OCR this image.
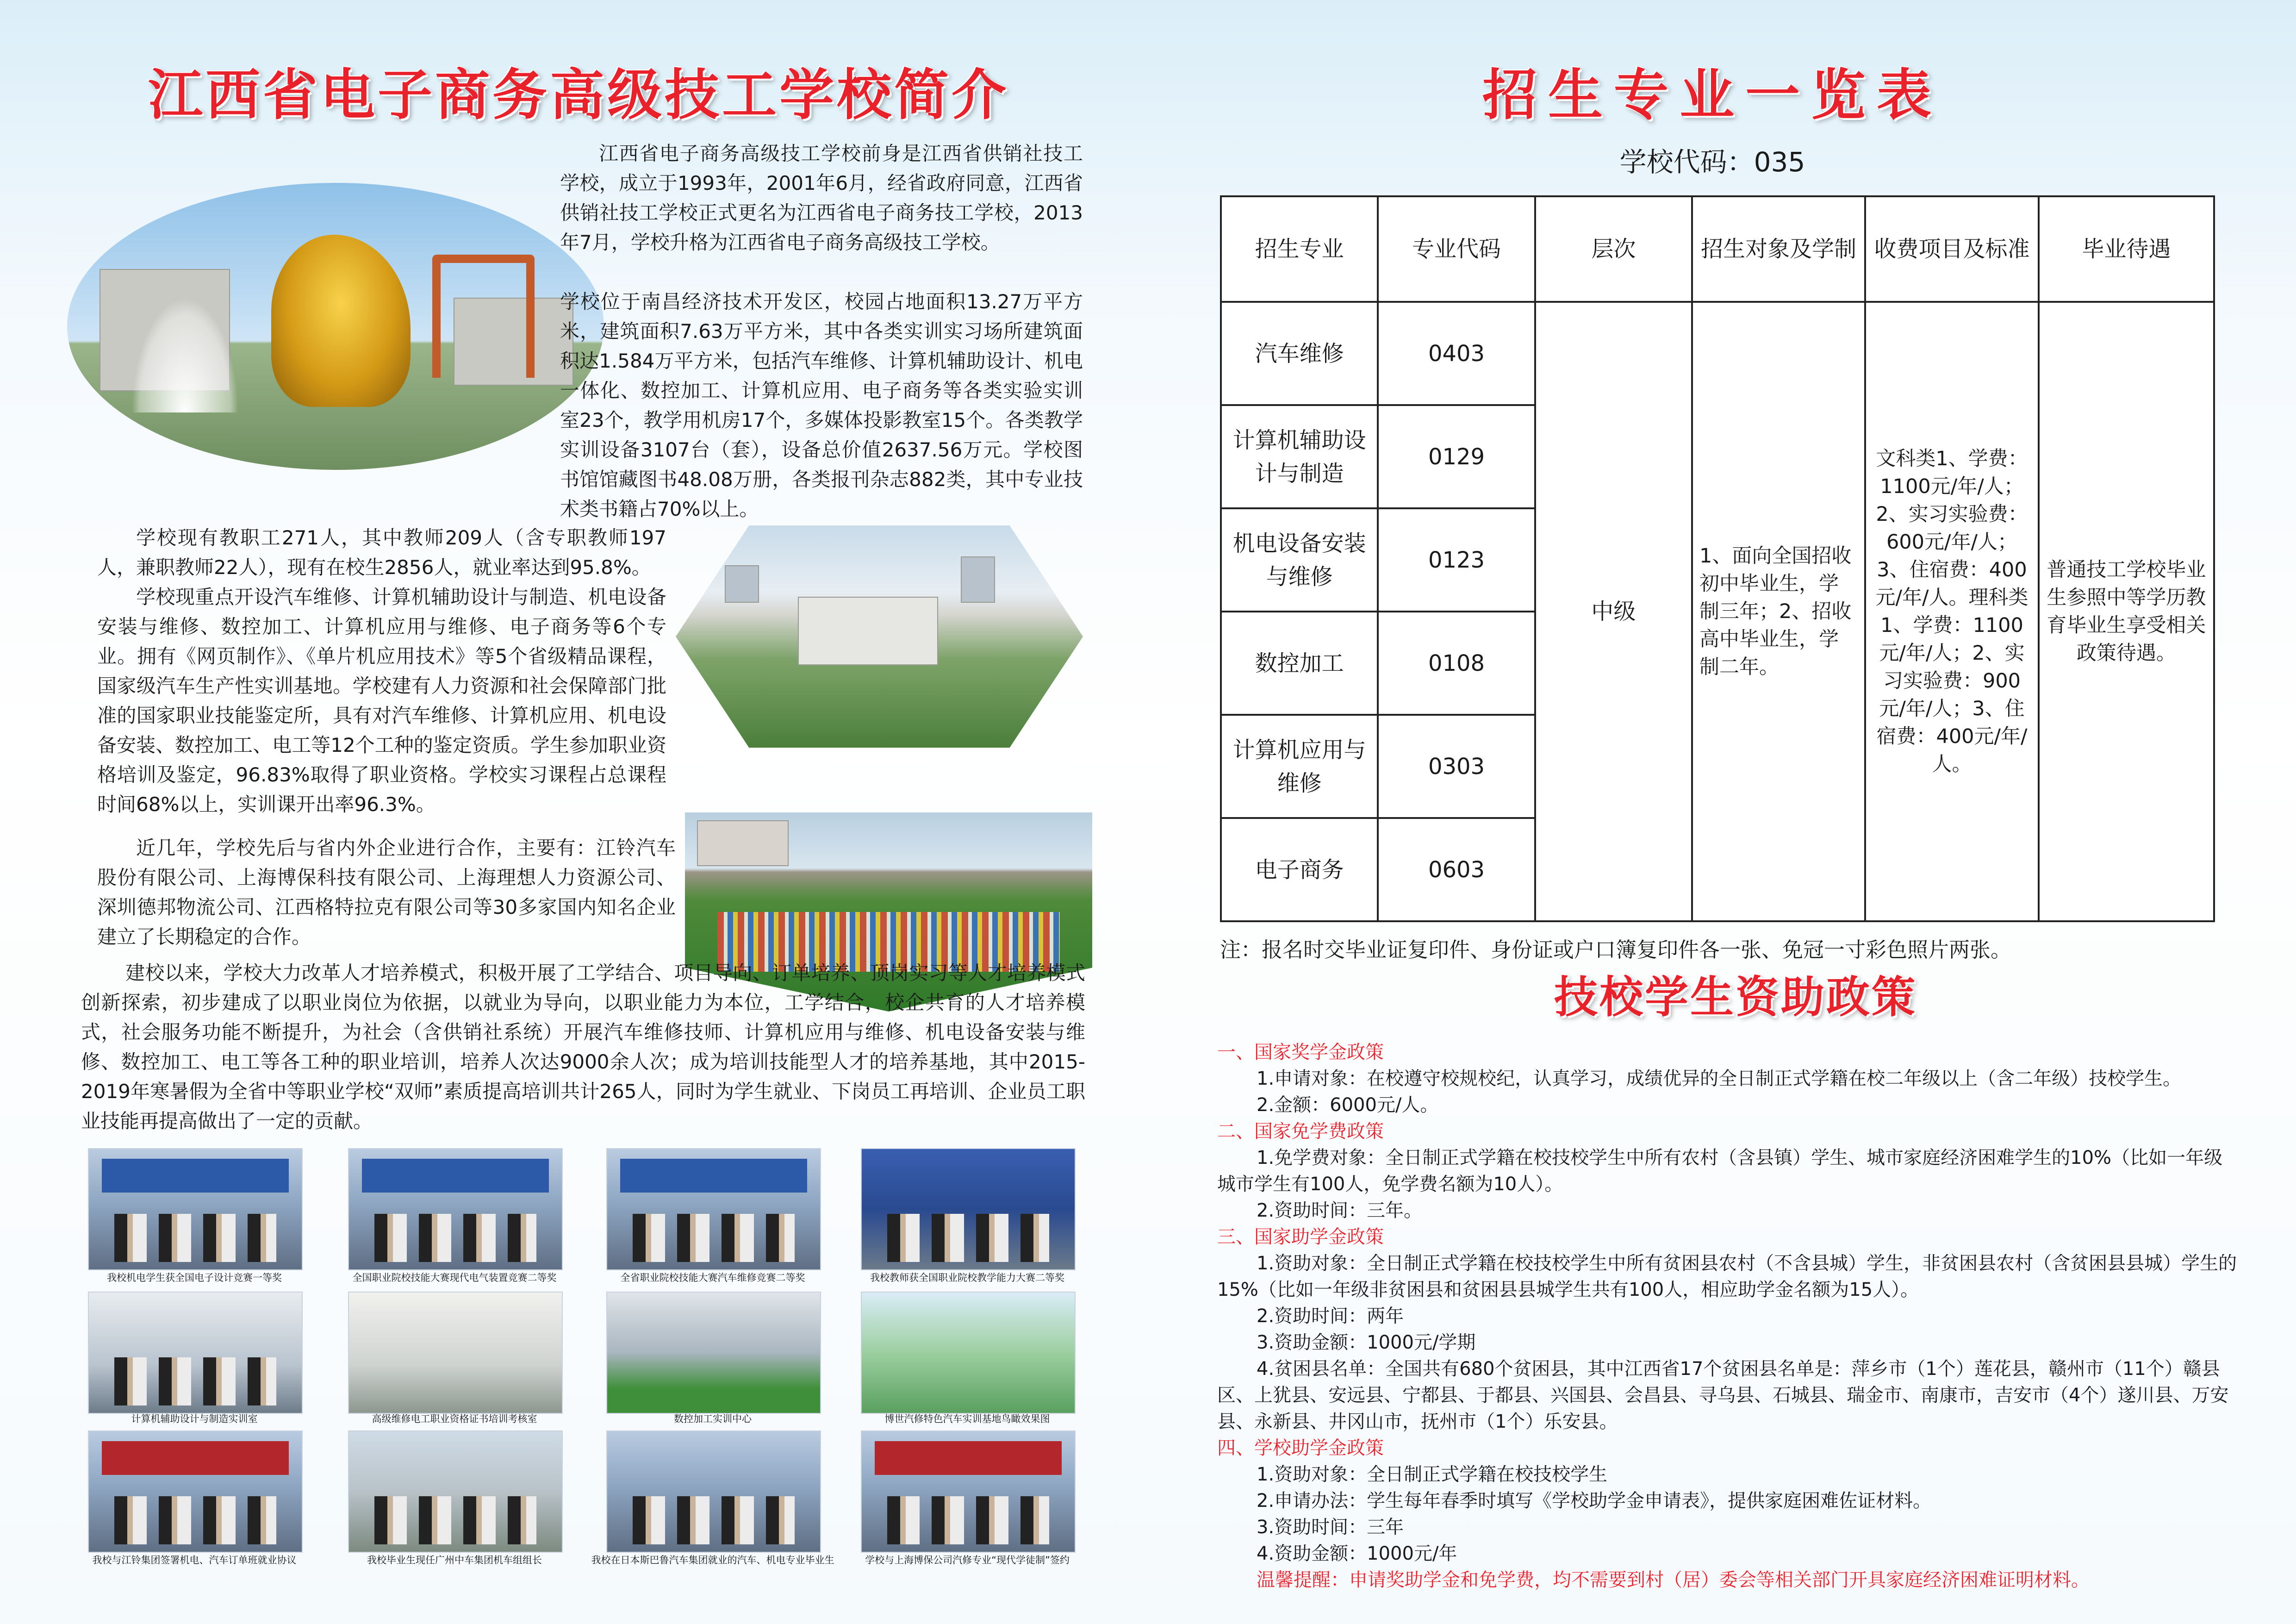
江西省电子商务高级技工学校简介

江西省电子商务高级技工学校前身是江西省供销社技工学校，成立于1993年，2001年6月，经省政府同意，江西省供销社技工学校正式更名为江西省电子商务技工学校，2013年7月，学校升格为江西省电子商务高级技工学校。

学校位于南昌经济技术开发区，校园占地面积13.27万平方米，建筑面积7.63万平方米，其中各类实训实习场所建筑面积达1.584万平方米，包括汽车维修、计算机辅助设计、机电一体化、数控加工、计算机应用、电子商务等各类实验实训室23个，教学用机房17个，多媒体投影教室15个。各类教学实训设备3107台（套），设备总价值2637.56万元。学校图书馆馆藏图书48.08万册，各类报刊杂志882类，其中专业技术类书籍占70%以上。

学校现有教职工271人，其中教师209人（含专职教师197人，兼职教师22人），现有在校生2856人，就业率达到95.8%。

学校现重点开设汽车维修、计算机辅助设计与制造、机电设备安装与维修、数控加工、计算机应用与维修、电子商务等6个专业。拥有《网页制作》、《单片机应用技术》等5个省级精品课程，国家级汽车生产性实训基地。学校建有人力资源和社会保障部门批准的国家职业技能鉴定所，具有对汽车维修、计算机应用、机电设备安装、数控加工、电工等12个工种的鉴定资质。学生参加职业资格培训及鉴定，96.83%取得了职业资格。学校实习课程占总课程时间68%以上，实训课开出率96.3%。

近几年，学校先后与省内外企业进行合作，主要有：江铃汽车股份有限公司、上海博保科技有限公司、上海理想人力资源公司、深圳德邦物流公司、江西格特拉克有限公司等30多家国内知名企业建立了长期稳定的合作。

建校以来，学校大力改革人才培养模式，积极开展了工学结合、项目导向、订单培养、顶岗实习等人才培养模式创新探索，初步建成了以职业岗位为依据，以就业为导向，以职业能力为本位，工学结合，校企共育的人才培养模式，社会服务功能不断提升，为社会（含供销社系统）开展汽车维修技师、计算机应用与维修、机电设备安装与维修、数控加工、电工等各工种的职业培训，培养人次达9000余人次；成为培训技能型人才的培养基地，其中2015-2019年寒暑假为全省中等职业学校“双师”素质提高培训共计265人，同时为学生就业、下岗员工再培训、企业员工职业技能再提高做出了一定的贡献。

我校机电学生获全国电子设计竞赛一等奖	全国职业院校技能大赛现代电气装置竞赛二等奖	全省职业院校技能大赛汽车维修竞赛二等奖	我校教师获全国职业院校教学能力大赛二等奖
计算机辅助设计与制造实训室	高级维修电工职业资格证书培训考核室	数控加工实训中心	博世汽修特色汽车实训基地鸟瞰效果图
我校与江铃集团签署机电、汽车订单班就业协议	我校毕业生现任广州中车集团机车组组长	我校在日本斯巴鲁汽车集团就业的汽车、机电专业毕业生	学校与上海博保公司汽修专业“现代学徒制”签约
招生专业一览表
学校代码：035
招生专业	专业代码	层次	招生对象及学制	收费项目及标准	毕业待遇
汽车维修	0403	中级	1、面向全国招收初中毕业生，学制三年；2、招收高中毕业生，学制二年。	文科类1、学费：1100元/年/人；2、实习实验费：600元/年/人；3、住宿费：400元/年/人。理科类1、学费：1100元/年/人；2、实习实验费：900元/年/人；3、住宿费：400元/年/人。	普通技工学校毕业生参照中等学历教育毕业生享受相关政策待遇。
计算机辅助设计与制造	0129				
机电设备安装与维修	0123				
数控加工	0108				
计算机应用与维修	0303				
电子商务	0603				
注：报名时交毕业证复印件、身份证或户口簿复印件各一张、免冠一寸彩色照片两张。
技校学生资助政策
一、国家奖学金政策
1.申请对象：在校遵守校规校纪，认真学习，成绩优异的全日制正式学籍在校二年级以上（含二年级）技校学生。
2.金额：6000元/人。
二、国家免学费政策
1.免学费对象：全日制正式学籍在校技校学生中所有农村（含县镇）学生、城市家庭经济困难学生的10%（比如一年级城市学生有100人，免学费名额为10人）。
2.资助时间：三年。
三、国家助学金政策
1.资助对象：全日制正式学籍在校技校学生中所有贫困县农村（不含县城）学生，非贫困县农村（含贫困县县城）学生的15%（比如一年级非贫困县和贫困县县城学生共有100人，相应助学金名额为15人）。
2.资助时间：两年
3.资助金额：1000元/学期
4.贫困县名单：全国共有680个贫困县，其中江西省17个贫困县名单是：萍乡市（1个）莲花县，赣州市（11个）赣县区、上犹县、安远县、宁都县、于都县、兴国县、会昌县、寻乌县、石城县、瑞金市、南康市，吉安市（4个）遂川县、万安县、永新县、井冈山市，抚州市（1个）乐安县。
四、学校助学金政策
1.资助对象：全日制正式学籍在校技校学生
2.申请办法：学生每年春季时填写《学校助学金申请表》，提供家庭困难佐证材料。
3.资助时间：三年
4.资助金额：1000元/年
温馨提醒：申请奖助学金和免学费，均不需要到村（居）委会等相关部门开具家庭经济困难证明材料。
